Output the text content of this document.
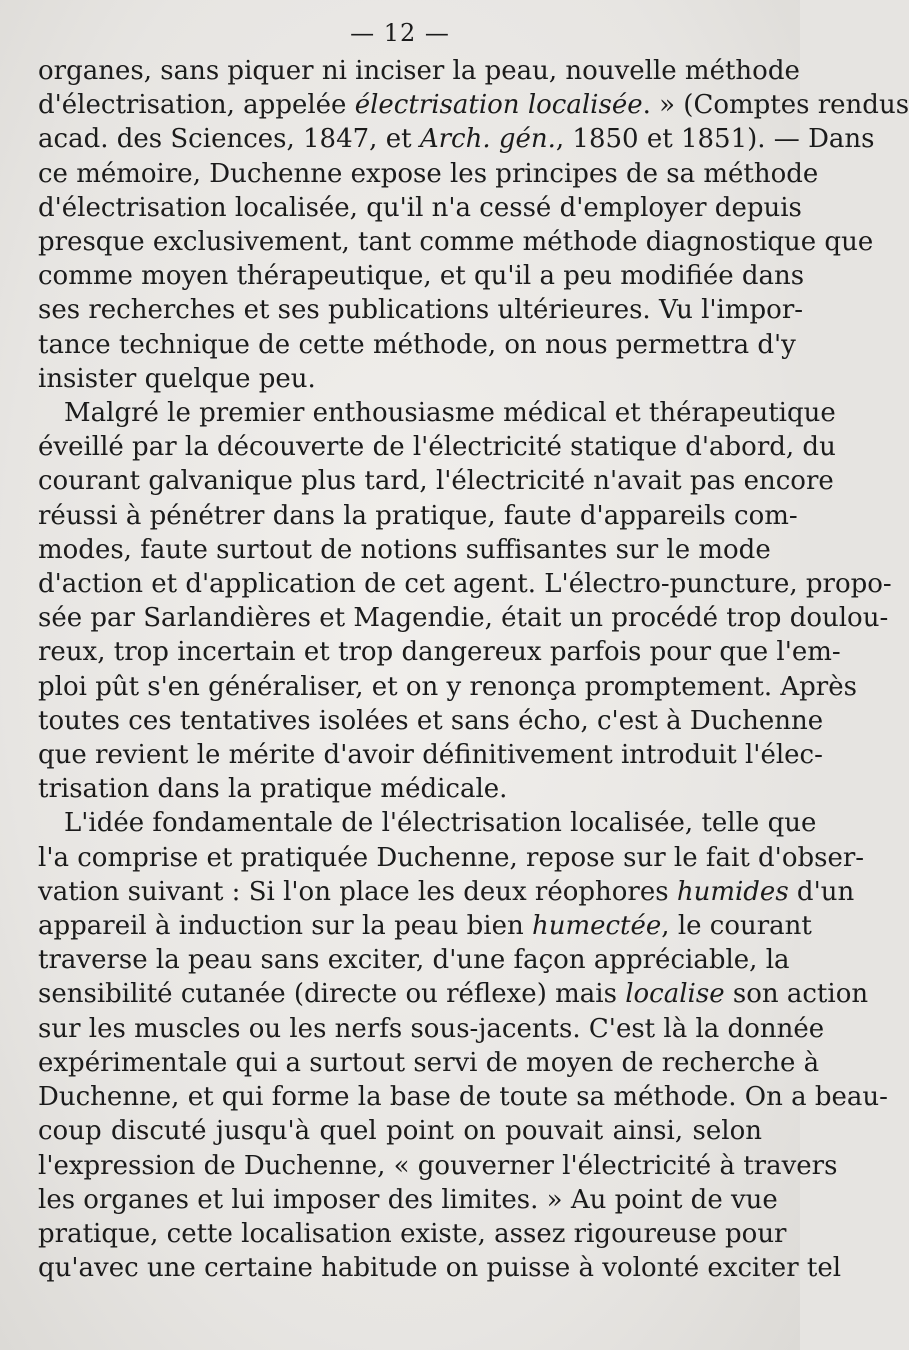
— 12 —

organes, sans piquer ni inciser la peau, nouvelle méthode
d'électrisation, appelée électrisation localisée. » (Comptes rendus
acad. des Sciences, 1847, et Arch. gén., 1850 et 1851). — Dans
ce mémoire, Duchenne expose les principes de sa méthode
d'électrisation localisée, qu'il n'a cessé d'employer depuis
presque exclusivement, tant comme méthode diagnostique que
comme moyen thérapeutique, et qu'il a peu modifiée dans
ses recherches et ses publications ultérieures. Vu l'impor-
tance technique de cette méthode, on nous permettra d'y
insister quelque peu.

Malgré le premier enthousiasme médical et thérapeutique
éveillé par la découverte de l'électricité statique d'abord, du
courant galvanique plus tard, l'électricité n'avait pas encore
réussi à pénétrer dans la pratique, faute d'appareils com-
modes, faute surtout de notions suffisantes sur le mode
d'action et d'application de cet agent. L'électro-puncture, propo-
sée par Sarlandières et Magendie, était un procédé trop doulou-
reux, trop incertain et trop dangereux parfois pour que l'em-
ploi pût s'en généraliser, et on y renonça promptement. Après
toutes ces tentatives isolées et sans écho, c'est à Duchenne
que revient le mérite d'avoir définitivement introduit l'élec-
trisation dans la pratique médicale.

L'idée fondamentale de l'électrisation localisée, telle que
l'a comprise et pratiquée Duchenne, repose sur le fait d'obser-
vation suivant : Si l'on place les deux réophores humides d'un
appareil à induction sur la peau bien humectée, le courant
traverse la peau sans exciter, d'une façon appréciable, la
sensibilité cutanée (directe ou réflexe) mais localise son action
sur les muscles ou les nerfs sous-jacents. C'est là la donnée
expérimentale qui a surtout servi de moyen de recherche à
Duchenne, et qui forme la base de toute sa méthode. On a beau-
coup discuté jusqu'à quel point on pouvait ainsi, selon
l'expression de Duchenne, « gouverner l'électricité à travers
les organes et lui imposer des limites. » Au point de vue
pratique, cette localisation existe, assez rigoureuse pour
qu'avec une certaine habitude on puisse à volonté exciter tel
